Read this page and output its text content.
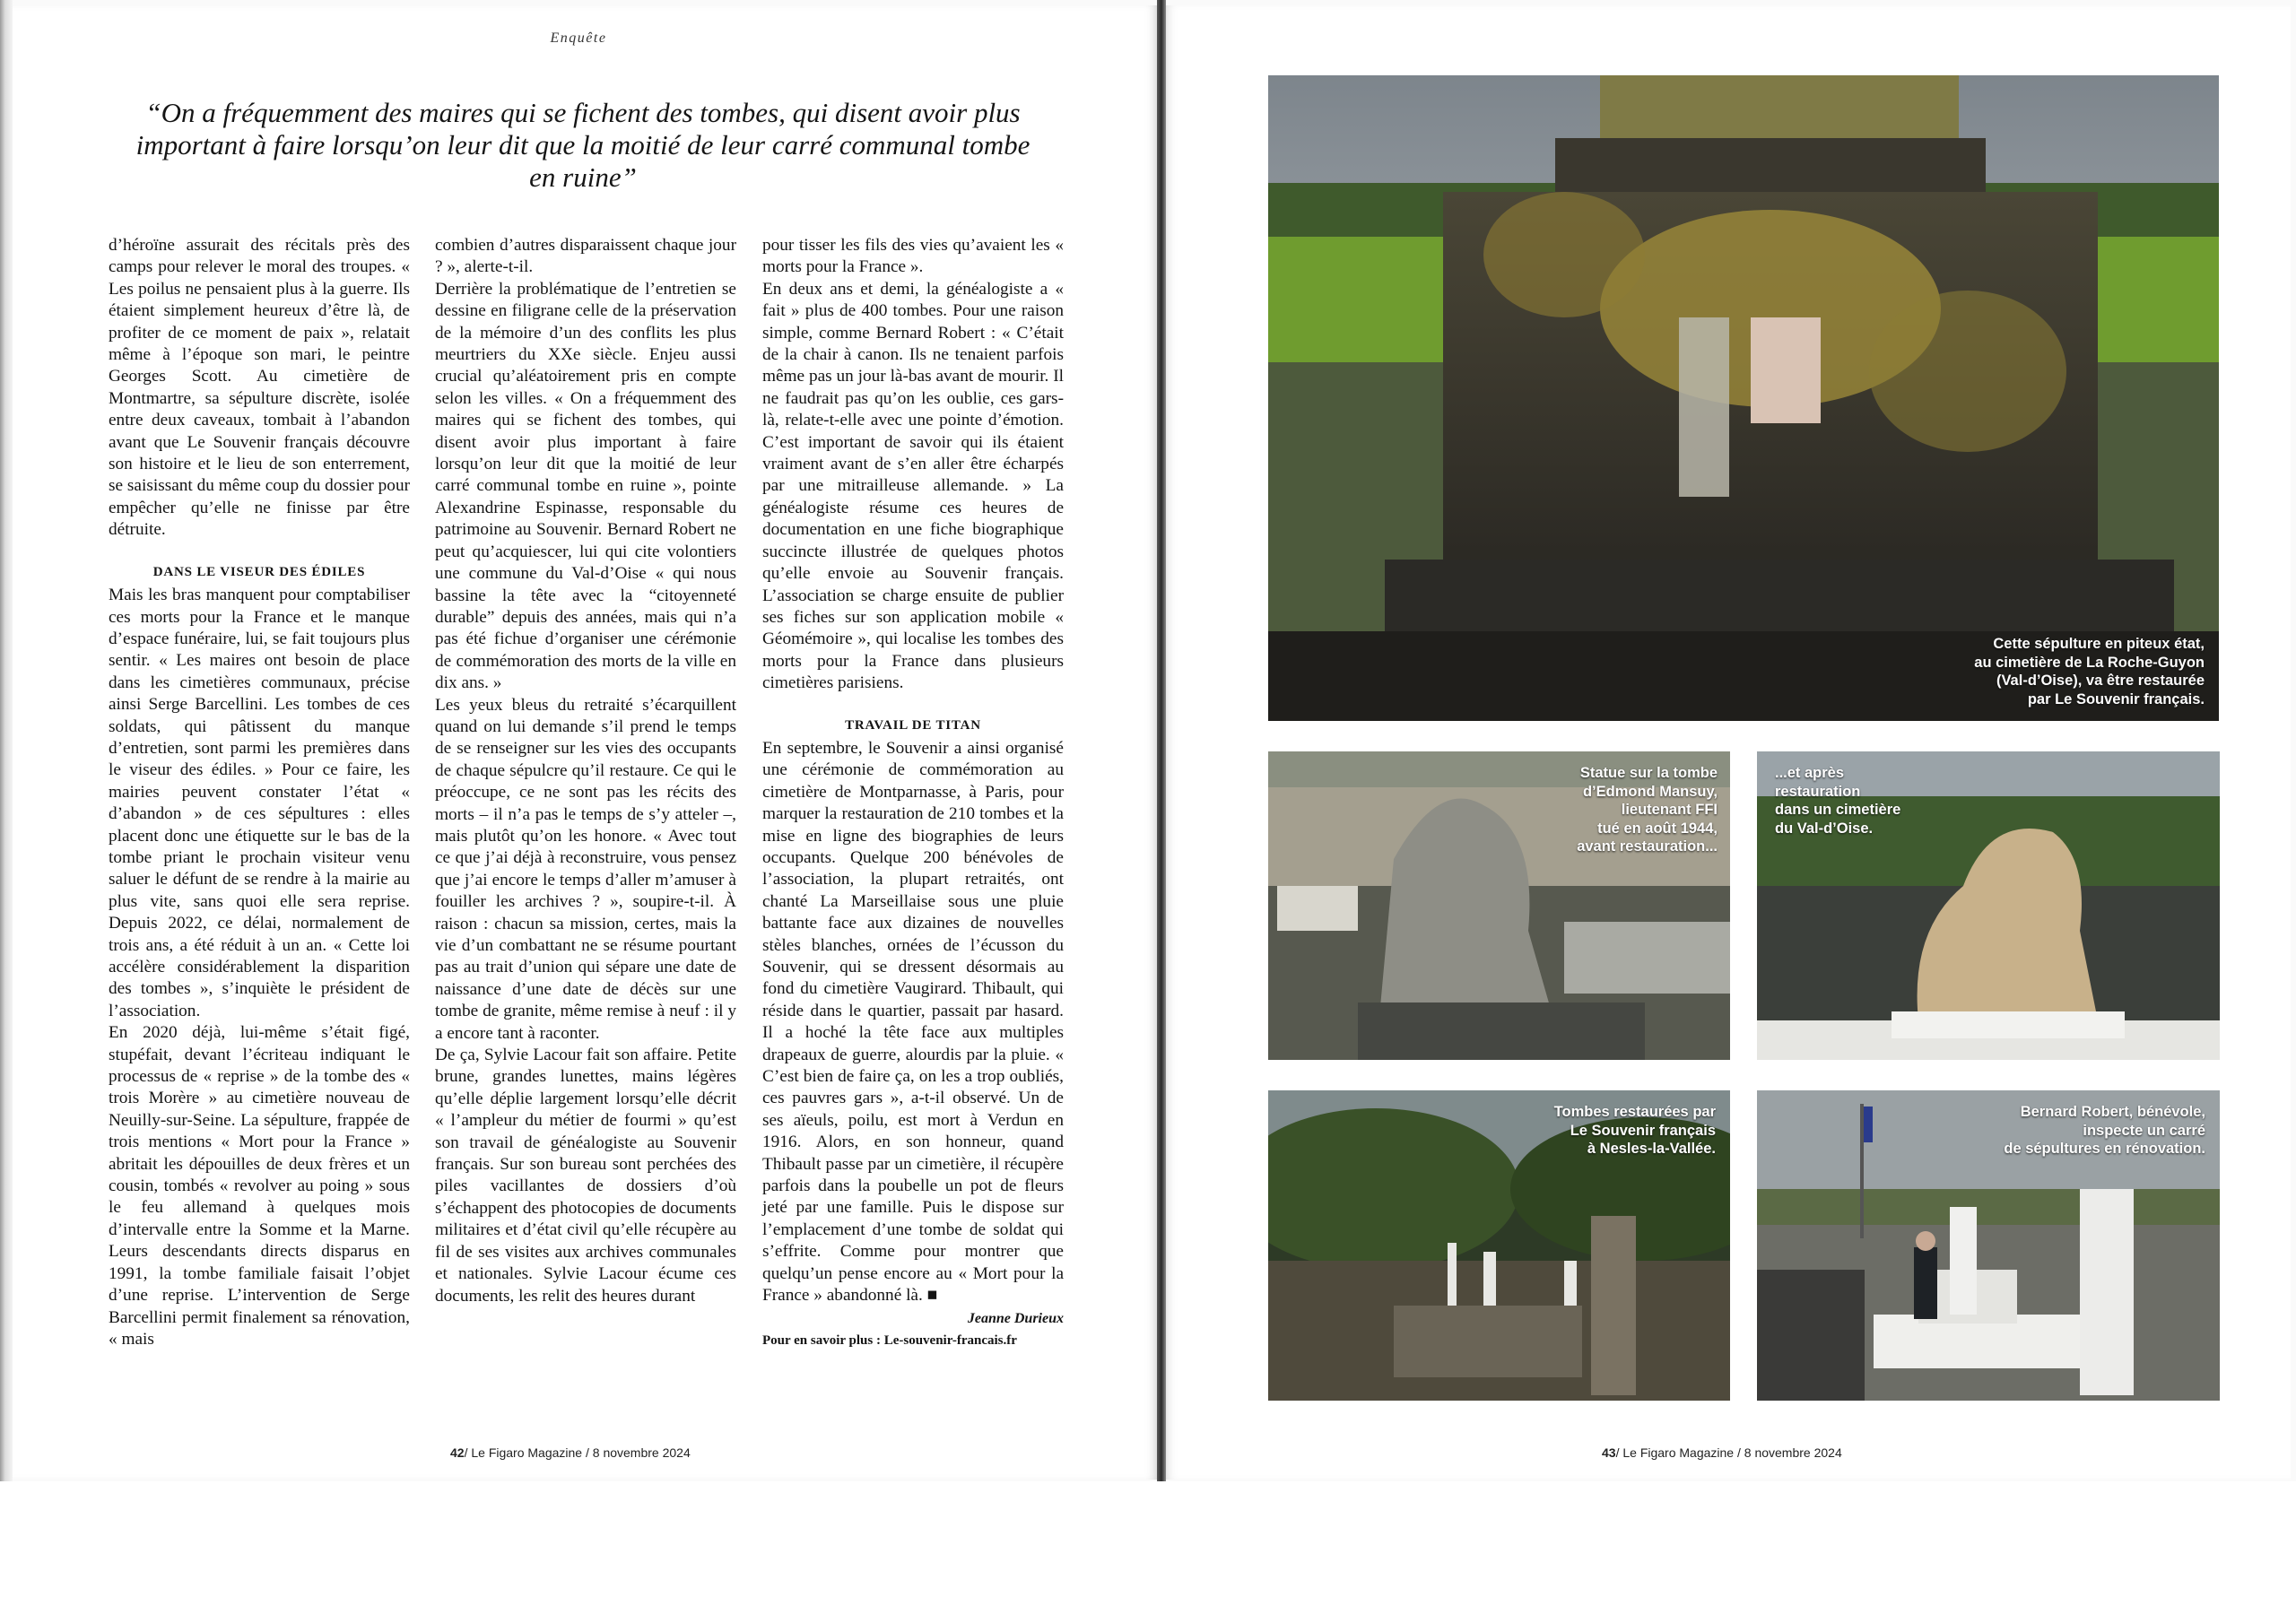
Enquête
“On a fréquemment des maires qui se fichent des tombes, qui disent avoir plus important à faire lorsqu’on leur dit que la moitié de leur carré communal tombe en ruine”

d’héroïne assurait des récitals près des camps pour relever le moral des troupes. « Les poilus ne pensaient plus à la guerre. Ils étaient simplement heureux d’être là, de profiter de ce moment de paix », relatait même à l’époque son mari, le peintre Georges Scott. Au cimetière de Montmartre, sa sépulture discrète, isolée entre deux caveaux, tombait à l’abandon avant que Le Souvenir français découvre son histoire et le lieu de son enterrement, se saisissant du même coup du dossier pour empêcher qu’elle ne finisse par être détruite.

DANS LE VISEUR DES ÉDILES

Mais les bras manquent pour comptabiliser ces morts pour la France et le manque d’espace funéraire, lui, se fait toujours plus sentir. « Les maires ont besoin de place dans les cimetières communaux, précise ainsi Serge Barcellini. Les tombes de ces soldats, qui pâtissent du manque d’entretien, sont parmi les premières dans le viseur des édiles. » Pour ce faire, les mairies peuvent constater l’état « d’abandon » de ces sépultures : elles placent donc une étiquette sur le bas de la tombe priant le prochain visiteur venu saluer le défunt de se rendre à la mairie au plus vite, sans quoi elle sera reprise. Depuis 2022, ce délai, normalement de trois ans, a été réduit à un an. « Cette loi accélère considérablement la disparition des tombes », s’inquiète le président de l’association.

En 2020 déjà, lui-même s’était figé, stupéfait, devant l’écriteau indiquant le processus de « reprise » de la tombe des « trois Morère » au cimetière nouveau de Neuilly-sur-Seine. La sépulture, frappée de trois mentions « Mort pour la France » abritait les dépouilles de deux frères et un cousin, tombés « revolver au poing » sous le feu allemand à quelques mois d’intervalle entre la Somme et la Marne. Leurs descendants directs disparus en 1991, la tombe familiale faisait l’objet d’une reprise. L’intervention de Serge Barcellini permit finalement sa rénovation, « mais

combien d’autres disparaissent chaque jour ? », alerte-t-il.

Derrière la problématique de l’entretien se dessine en filigrane celle de la préservation de la mémoire d’un des conflits les plus meurtriers du XXe siècle. Enjeu aussi crucial qu’aléatoirement pris en compte selon les villes. « On a fréquemment des maires qui se fichent des tombes, qui disent avoir plus important à faire lorsqu’on leur dit que la moitié de leur carré communal tombe en ruine », pointe Alexandrine Espinasse, responsable du patrimoine au Souvenir. Bernard Robert ne peut qu’acquiescer, lui qui cite volontiers une commune du Val-d’Oise « qui nous bassine la tête avec la “citoyenneté durable” depuis des années, mais qui n’a pas été fichue d’organiser une cérémonie de commémoration des morts de la ville en dix ans. »

Les yeux bleus du retraité s’écarquillent quand on lui demande s’il prend le temps de se renseigner sur les vies des occupants de chaque sépulcre qu’il restaure. Ce qui le préoccupe, ce ne sont pas les récits des morts – il n’a pas le temps de s’y atteler –, mais plutôt qu’on les honore. « Avec tout ce que j’ai déjà à reconstruire, vous pensez que j’ai encore le temps d’aller m’amuser à fouiller les archives ? », soupire-t-il. À raison : chacun sa mission, certes, mais la vie d’un combattant ne se résume pourtant pas au trait d’union qui sépare une date de naissance d’une date de décès sur une tombe de granite, même remise à neuf : il y a encore tant à raconter.

De ça, Sylvie Lacour fait son affaire. Petite brune, grandes lunettes, mains légères qu’elle déplie largement lorsqu’elle décrit « l’ampleur du métier de fourmi » qu’est son travail de généalogiste au Souvenir français. Sur son bureau sont perchées des piles vacillantes de dossiers d’où s’échappent des photocopies de documents militaires et d’état civil qu’elle récupère au fil de ses visites aux archives communales et nationales. Sylvie Lacour écume ces documents, les relit des heures durant

pour tisser les fils des vies qu’avaient les « morts pour la France ».

En deux ans et demi, la généalogiste a « fait » plus de 400 tombes. Pour une raison simple, comme Bernard Robert : « C’était de la chair à canon. Ils ne tenaient parfois même pas un jour là-bas avant de mourir. Il ne faudrait pas qu’on les oublie, ces gars-là, relate-t-elle avec une pointe d’émotion. C’est important de savoir qui ils étaient vraiment avant de s’en aller être écharpés par une mitrailleuse allemande. » La généalogiste résume ces heures de documentation en une fiche biographique succincte illustrée de quelques photos qu’elle envoie au Souvenir français. L’association se charge ensuite de publier ses fiches sur son application mobile « Géomémoire », qui localise les tombes des morts pour la France dans plusieurs cimetières parisiens.

TRAVAIL DE TITAN

En septembre, le Souvenir a ainsi organisé une cérémonie de commémoration au cimetière de Montparnasse, à Paris, pour marquer la restauration de 210 tombes et la mise en ligne des biographies de leurs occupants. Quelque 200 bénévoles de l’association, la plupart retraités, ont chanté La Marseillaise sous une pluie battante face aux dizaines de nouvelles stèles blanches, ornées de l’écusson du Souvenir, qui se dressent désormais au fond du cimetière Vaugirard. Thibault, qui réside dans le quartier, passait par hasard. Il a hoché la tête face aux multiples drapeaux de guerre, alourdis par la pluie. « C’est bien de faire ça, on les a trop oubliés, ces pauvres gars », a-t-il observé. Un de ses aïeuls, poilu, est mort à Verdun en 1916. Alors, en son honneur, quand Thibault passe par un cimetière, il récupère parfois dans la poubelle un pot de fleurs jeté par une famille. Puis le dispose sur l’emplacement d’une tombe de soldat qui s’effrite. Comme pour montrer que quelqu’un pense encore au « Mort pour la France » abandonné là. ■

Jeanne Durieux

Pour en savoir plus : Le-souvenir-francais.fr

42/ Le Figaro Magazine / 8 novembre 2024	43/ Le Figaro Magazine / 8 novembre 2024
Cette sépulture en piteux état,
au cimetière de La Roche-Guyon
(Val-d’Oise), va être restaurée
par Le Souvenir français.
Statue sur la tombe
d’Edmond Mansuy,
lieutenant FFI
tué en août 1944,
avant restauration...
...et après
restauration
dans un cimetière
du Val-d’Oise.
Tombes restaurées par
Le Souvenir français
à Nesles-la-Vallée.
Bernard Robert, bénévole,
inspecte un carré
de sépultures en rénovation.
